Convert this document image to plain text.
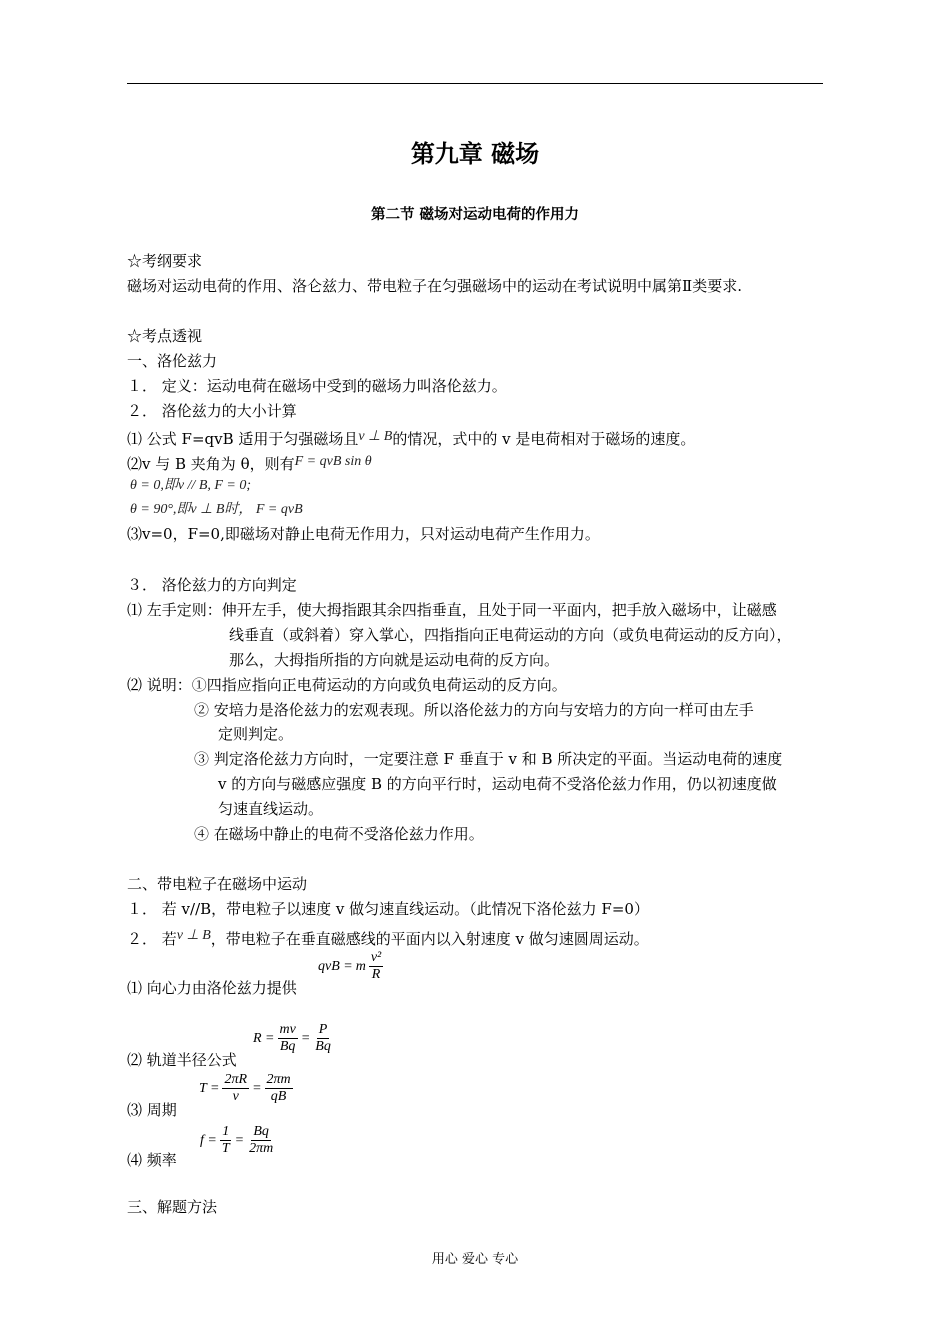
第九章 磁场
第二节 磁场对运动电荷的作用力
☆考纲要求
磁场对运动电荷的作用、洛仑兹力、带电粒子在匀强磁场中的运动在考试说明中属第Ⅱ类要求.
☆考点透视
一、洛伦兹力
１． 定义：运动电荷在磁场中受到的磁场力叫洛伦兹力。
２． 洛伦兹力的大小计算
⑴ 公式 F=qvB 适用于匀强磁场且v ⊥ B的情况，式中的 v 是电荷相对于磁场的速度。
⑵v 与 B 夹角为 θ，则有F = qvB sin θ
θ = 0,即v // B, F = 0;
θ = 90°,即v ⊥ B时， F = qvB
⑶v=0，F=0,即磁场对静止电荷无作用力，只对运动电荷产生作用力。
３． 洛伦兹力的方向判定
⑴ 左手定则：伸开左手，使大拇指跟其余四指垂直，且处于同一平面内，把手放入磁场中，让磁感
线垂直（或斜着）穿入掌心，四指指向正电荷运动的方向（或负电荷运动的反方向），
那么，大拇指所指的方向就是运动电荷的反方向。
⑵ 说明：①四指应指向正电荷运动的方向或负电荷运动的反方向。
② 安培力是洛伦兹力的宏观表现。所以洛伦兹力的方向与安培力的方向一样可由左手
定则判定。
③ 判定洛伦兹力方向时，一定要注意 F 垂直于 v 和 B 所决定的平面。当运动电荷的速度
v 的方向与磁感应强度 B 的方向平行时，运动电荷不受洛伦兹力作用，仍以初速度做
匀速直线运动。
④ 在磁场中静止的电荷不受洛伦兹力作用。
二、带电粒子在磁场中运动
１． 若 v//B，带电粒子以速度 v 做匀速直线运动。（此情况下洛伦兹力 F=0）
２． 若v ⊥ B，带电粒子在垂直磁感线的平面内以入射速度 v 做匀速圆周运动。
⑴ 向心力由洛伦兹力提供
qvB = m $\frac{\text{v²}}{R}$
⑵ 轨道半径公式
$R = \frac{mv}{Bq} = \frac{P}{Bq}$
⑶ 周期
$T = \frac{2\pi R}{v} = \frac{2\pi m}{qB}$
⑷ 频率
$f = \frac{1}{T} = \frac{Bq}{2\pi m}$
三、解题方法
用心 爱心 专心
